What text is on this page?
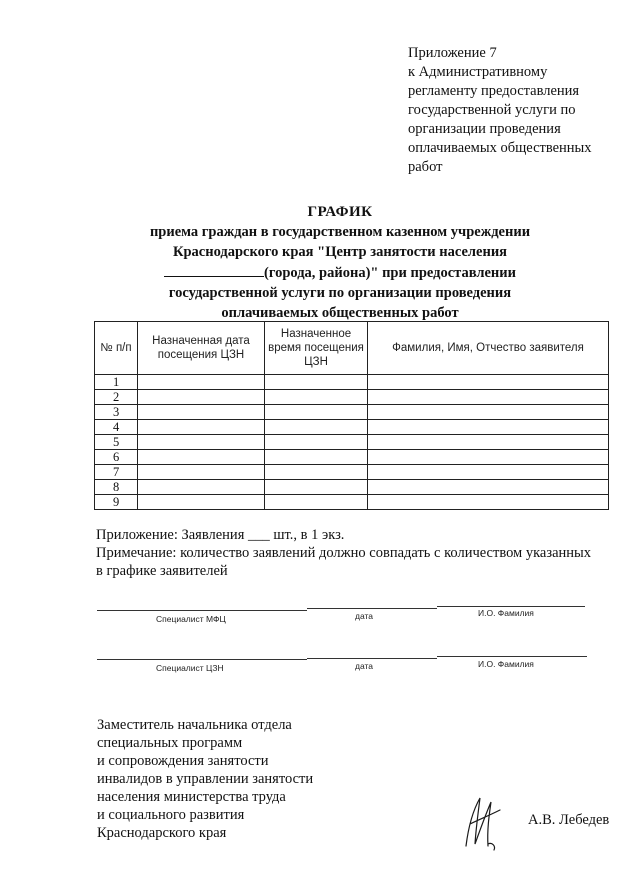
Приложение 7
к Административному
регламенту предоставления
государственной услуги по
организации проведения
оплачиваемых общественных
работ
ГРАФИК
приема граждан в государственном казенном учреждении
Краснодарского края "Центр занятости населения
(города, района)" при предоставлении
государственной услуги по организации проведения
оплачиваемых общественных работ
№ п/п	Назначенная дата посещения ЦЗН	Назначенное время посещения ЦЗН	Фамилия, Имя, Отчество заявителя
1			
2			
3			
4			
5			
6			
7			
8			
9			
Приложение: Заявления ___ шт., в 1 экз.
Примечание: количество заявлений должно совпадать с количеством указанных
в графике заявителей
Специалист МФЦ	дата	И.О. Фамилия
Специалист ЦЗН	дата	И.О. Фамилия
Заместитель начальника отдела
специальных программ
и сопровождения занятости
инвалидов в управлении занятости
населения министерства труда
и социального развития
Краснодарского края
А.В. Лебедев
